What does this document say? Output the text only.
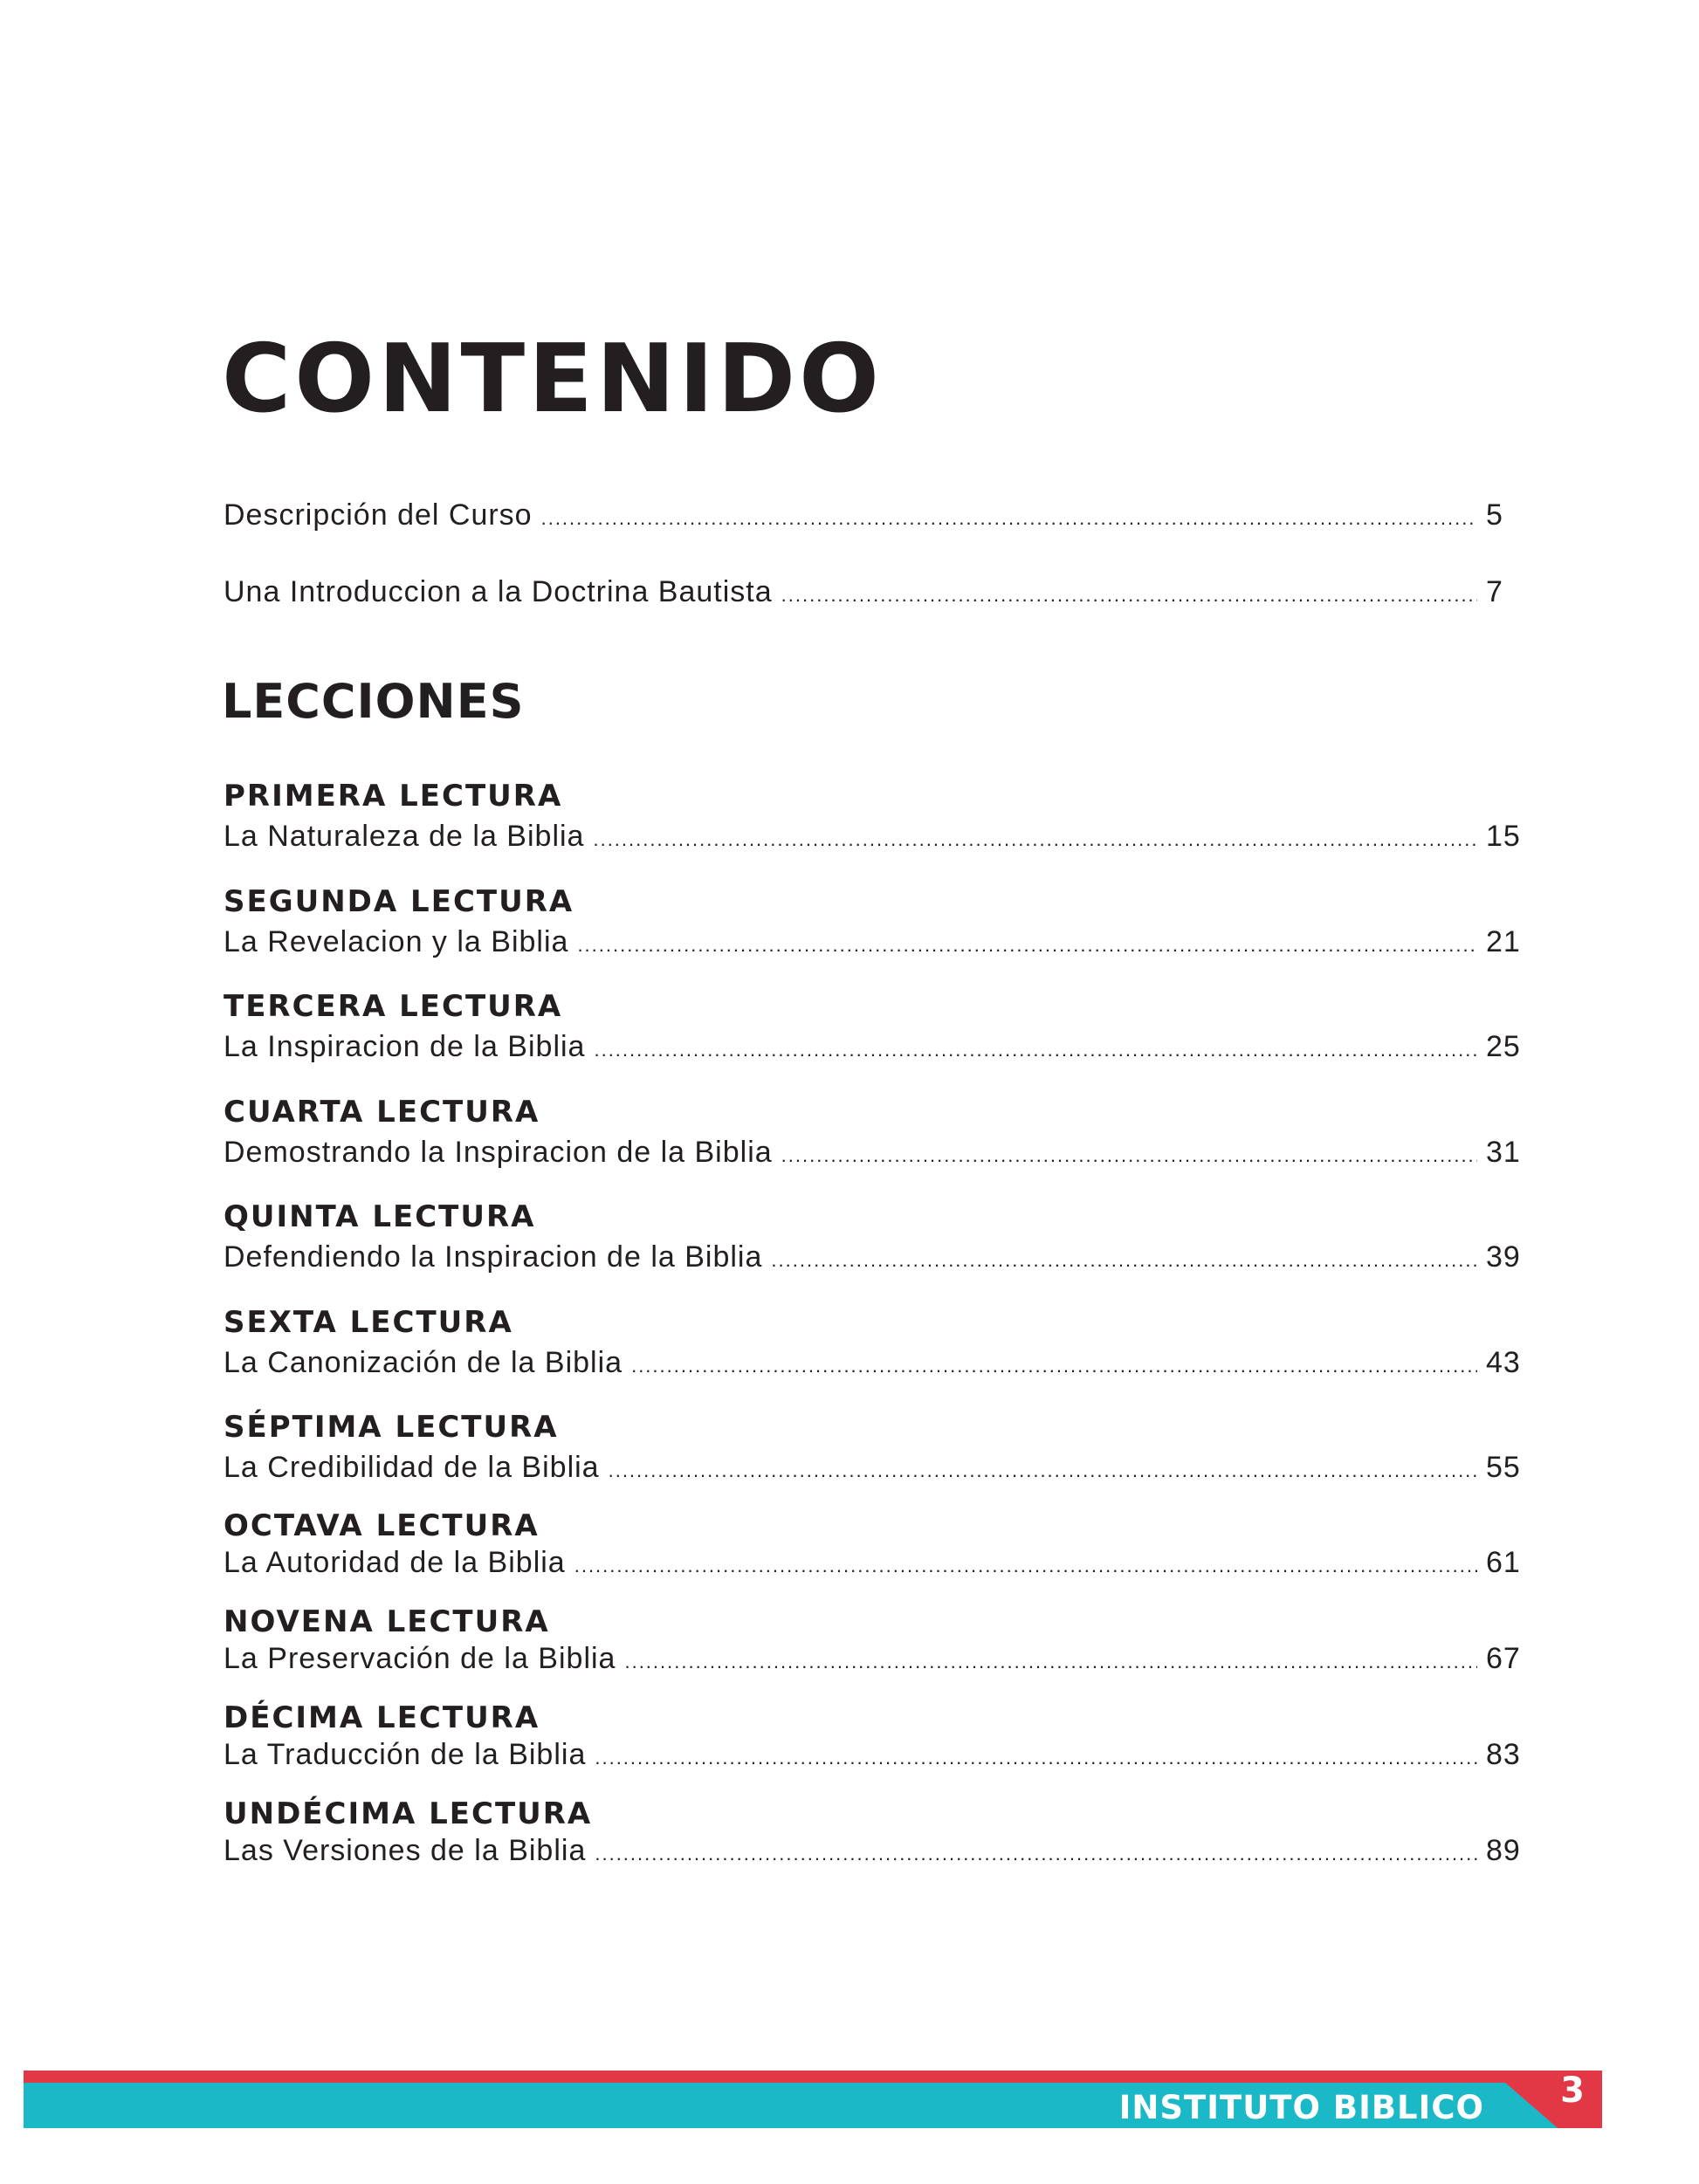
CONTENIDO
Descripción del Curso .....	5
Una Introduccion a la Doctrina Bautista .....	7
LECCIONES
PRIMERA LECTURA
La Naturaleza de la Biblia .....	15
SEGUNDA LECTURA
La Revelacion y la Biblia .....	21
TERCERA LECTURA
La Inspiracion de la Biblia .....	25
CUARTA LECTURA
Demostrando la Inspiracion de la Biblia .....	31
QUINTA LECTURA
Defendiendo la Inspiracion de la Biblia .....	39
SEXTA LECTURA
La Canonización de la Biblia .....	43
SÉPTIMA LECTURA
La Credibilidad de la Biblia .....	55
OCTAVA LECTURA
La Autoridad de la Biblia .....	61
NOVENA LECTURA
La Preservación de la Biblia .....	67
DÉCIMA LECTURA
La Traducción de la Biblia .....	83
UNDÉCIMA LECTURA
Las Versiones de la Biblia .....	89
INSTITUTO BIBLICO BAUTISTA
3
